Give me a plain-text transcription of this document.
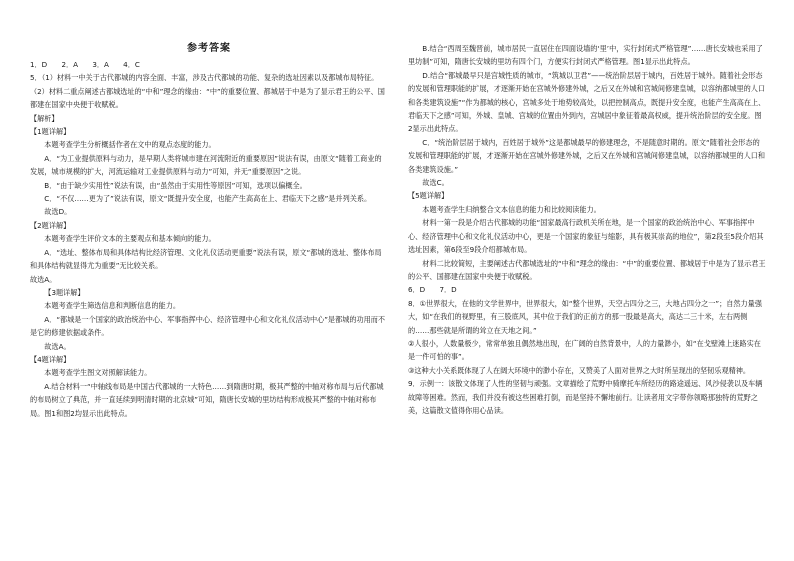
参考答案
1．D　　2．A　　3．A　　4．C
5．（1）材料一中关于古代都城的内容全面、丰富，涉及古代都城的功能、复杂的选址因素以及都城布局特征。
（2）材料二重点阐述古都城选址的“中和”理念的缘由：“中”的重要位置、都城居于中是为了显示君王的公平、国都建在国家中央便于收赋税。
【解析】
【1题详解】
本题考查学生分析概括作者在文中的观点态度的能力。
A．“为工业提供原料与动力，是早期人类将城市建在河流附近的重要原因”说法有误，由原文“随着工商业的发展，城市规模的扩大，河流运输对工业提供原料与动力”可知，并无“重要原因”之说。
B．“由于缺少实用性”说法有误，由“虽然由于实用性等原因”可知，选项以偏概全。
C．“不仅……更为了”说法有误，原文“既提升安全度，也能产生高高在上、君临天下之感”是并列关系。
故选D。
【2题详解】
本题考查学生评价文本的主要观点和基本倾向的能力。
A．“选址、整体布局和具体结构比经济管理、文化礼仪活动更重要”说法有误，原文“都城的选址、整体布局和具体结构就显得尤为重要”无比较关系。
故选A。
【3题详解】
本题考查学生筛选信息和判断信息的能力。
A．“都城是一个国家的政治统治中心、军事指挥中心、经济管理中心和文化礼仪活动中心”是都城的功用而不是它的修建依据或条件。
故选A。
【4题详解】
本题考查学生图文对照解读能力。
A.结合材料一“中轴线布局是中国古代都城的一大特色……到隋唐时期，极其严整的中轴对称布局与后代都城的布局树立了典范，并一直延续到明清时期的北京城”可知，隋唐长安城的里坊结构形成极其严整的中轴对称布局。图1和图2均显示出此特点。
B.结合“西周至魏晋前，城市居民一直居住在四面设墙的‘里’中，实行封闭式严格管理”……唐长安城也采用了里坊制”可知，隋唐长安城的里坊有四个门，方便实行封闭式严格管理。图1显示出此特点。
D.结合“都城最早只是宫城性质的城市，“筑城以卫君”——统治阶层居于城内，百姓居于城外。随着社会形态的发展和管理职能的扩展，才逐渐开始在宫城外修建外城，之后又在外城和宫城间修建皇城，以容纳都城里的人口和各类建筑设施”“作为都城的核心，宫城多处于地势较高处，以把控制高点，既提升安全度，也能产生高高在上、君临天下之感”可知，外城、皇城、宫城的位置由外到内，宫城居中象征着最高权威，提升统治阶层的安全度。图2显示出此特点。
C．“统治阶层居于城内，百姓居于城外”这是都城最早的修建理念，不是随意时期的。原文“随着社会形态的发展和管理职能的扩展，才逐渐开始在宫城外修建外城，之后又在外城和宫城间修建皇城，以容纳都城里的人口和各类建筑设施。”
故选C。
【5题详解】
本题考查学生归纳整合文本信息的能力和比较阅读能力。
材料一第一段是介绍古代都城的功能“国家最高行政机关所在地，是一个国家的政治统治中心、军事指挥中心、经济管理中心和文化礼仪活动中心，更是一个国家的象征与缩影，具有极其崇高的地位”，第2段至5段介绍其选址因素，第6段至9段介绍都城布局。
材料二比较简短，主要阐述古代都城选址的“中和”理念的缘由：“中”的重要位置、都城居于中是为了显示君王的公平、国都建在国家中央便于收赋税。
6．D　　7．D
8．①世界很大，在他的文学世界中，世界很大，如“整个世界，天空占四分之三，大地占四分之一”；自然力量强大，如“在我们的视野里，有三股底风，其中位于我们的正前方的那一股最是高大，高达二三十米，左右两侧的……那些就是所谓的耸立在天地之间。”
②人很小，人数量极少，常常单独且偶然地出现，在广阔的自然背景中，人的力量渺小，如“在戈壁滩上迷路实在是一件可怕的事”。
③这种大小关系既体现了人在阔大环境中的渺小存在，又赞美了人面对世界之大时所呈现出的坚韧乐观精神。
9．示例一：该散文体现了人性的坚韧与顽强。文章描绘了荒野中骑摩托车所经历的路途遥远、风沙侵袭以及车辆故障等困难。然而，我们并没有被这些困难打倒，而是坚持不懈地前行。让读者用文字带你领略那独特的荒野之美，这篇散文值得你用心品读。
